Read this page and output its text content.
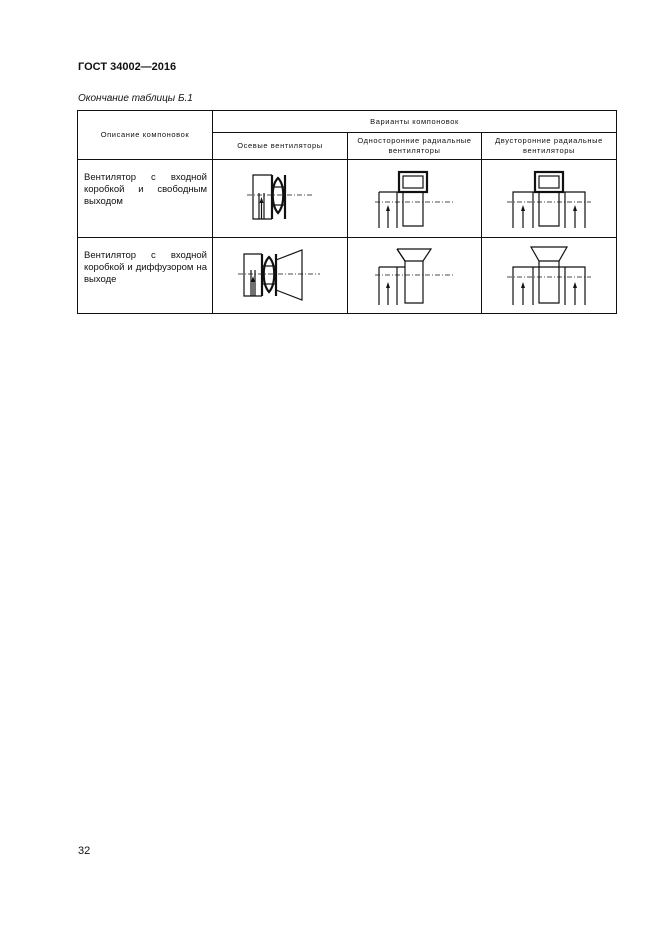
ГОСТ 34002—2016
Окончание таблицы Б.1
Описание компоновок	Варианты компоновок		
	Осевые вентиляторы	Односторонние радиальные вентиляторы	Двусторонние радиальные вентиляторы
Вентилятор с входной коробкой и свободным выходом	

Вентилятор с входной коробкой и диффузором на выходе	

32
